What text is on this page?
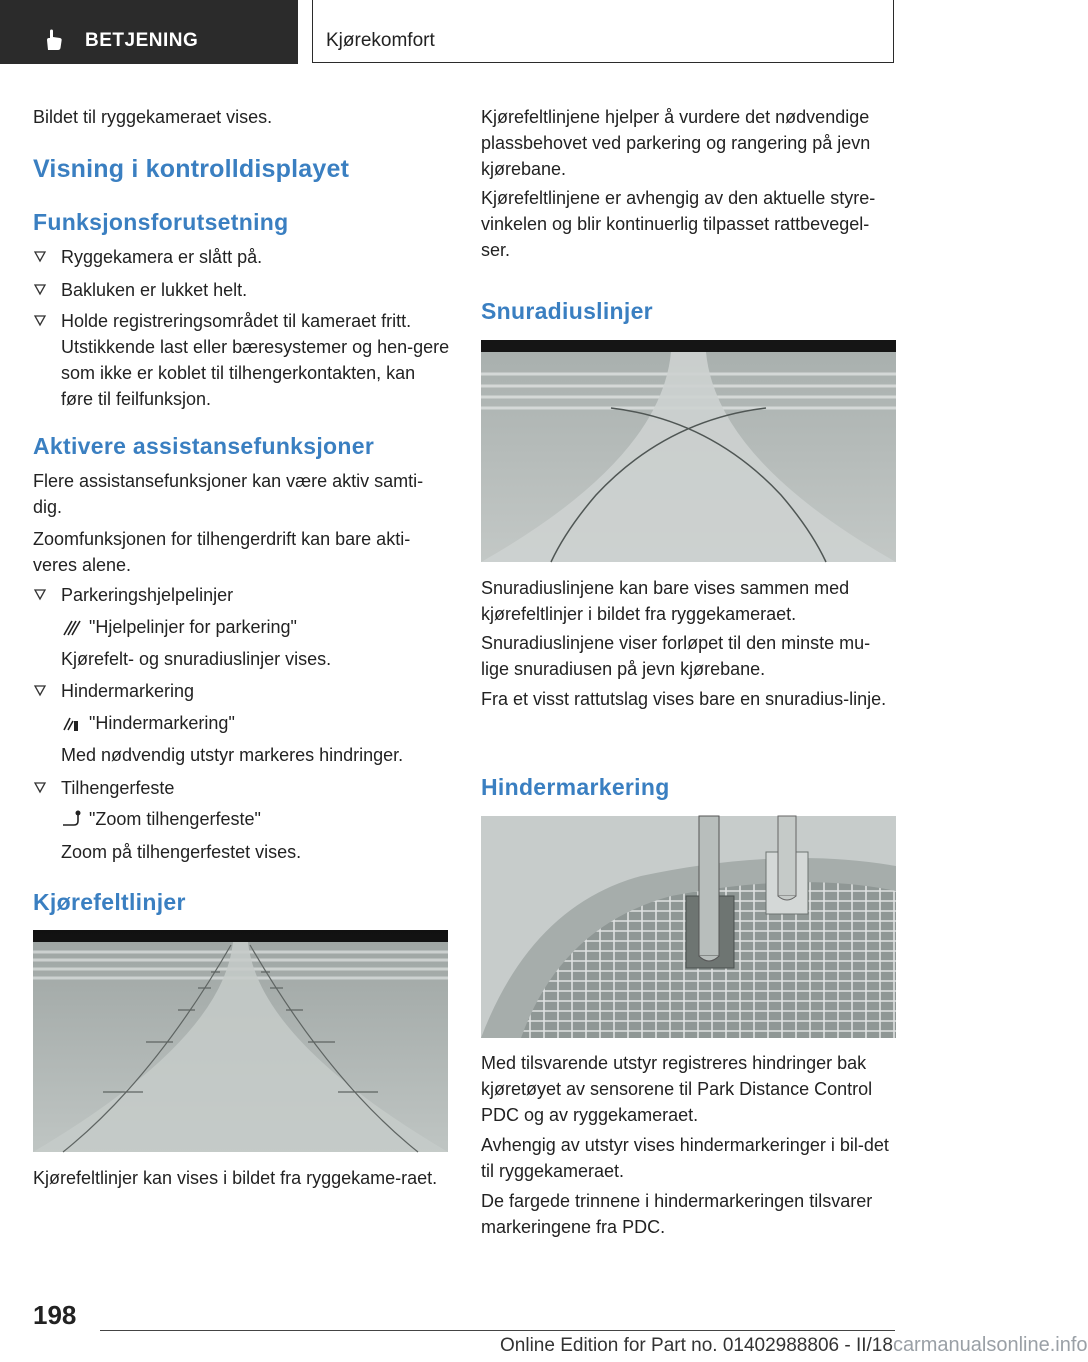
BETJENING	Kjørekomfort

Bildet til ryggekameraet vises.

Visning i kontrolldisplayet
Funksjonsforutsetning
Ryggekamera er slått på.
Bakluken er lukket helt.
Holde registreringsområdet til kameraet fritt. Utstikkende last eller bæresystemer og hen-gere som ikke er koblet til tilhengerkontakten, kan føre til feilfunksjon.
Aktivere assistansefunksjoner

Flere assistansefunksjoner kan være aktiv samti-dig.

Zoomfunksjonen for tilhengerdrift kan bare akti-veres alene.

Parkeringshjelpelinjer
"Hjelpelinjer for parkering"
Kjørefelt- og snuradiuslinjer vises.
Hindermarkering
"Hindermarkering"
Med nødvendig utstyr markeres hindringer.
Tilhengerfeste
"Zoom tilhengerfeste"
Zoom på tilhengerfestet vises.
Kjørefeltlinjer

Kjørefeltlinjer kan vises i bildet fra ryggekame-raet.

Kjørefeltlinjene hjelper å vurdere det nødvendige plassbehovet ved parkering og rangering på jevn kjørebane.

Kjørefeltlinjene er avhengig av den aktuelle styre-vinkelen og blir kontinuerlig tilpasset rattbevegel-ser.

Snuradiuslinjer

Snuradiuslinjene kan bare vises sammen med kjørefeltlinjer i bildet fra ryggekameraet.

Snuradiuslinjene viser forløpet til den minste mu-lige snuradiusen på jevn kjørebane.

Fra et visst rattutslag vises bare en snuradius-linje.

Hindermarkering

Med tilsvarende utstyr registreres hindringer bak kjøretøyet av sensorene til Park Distance Control PDC og av ryggekameraet.

Avhengig av utstyr vises hindermarkeringer i bil-det til ryggekameraet.

De fargede trinnene i hindermarkeringen tilsvarer markeringene fra PDC.

198
Online Edition for Part no. 01402988806 - II/18carmanualsonline.info
